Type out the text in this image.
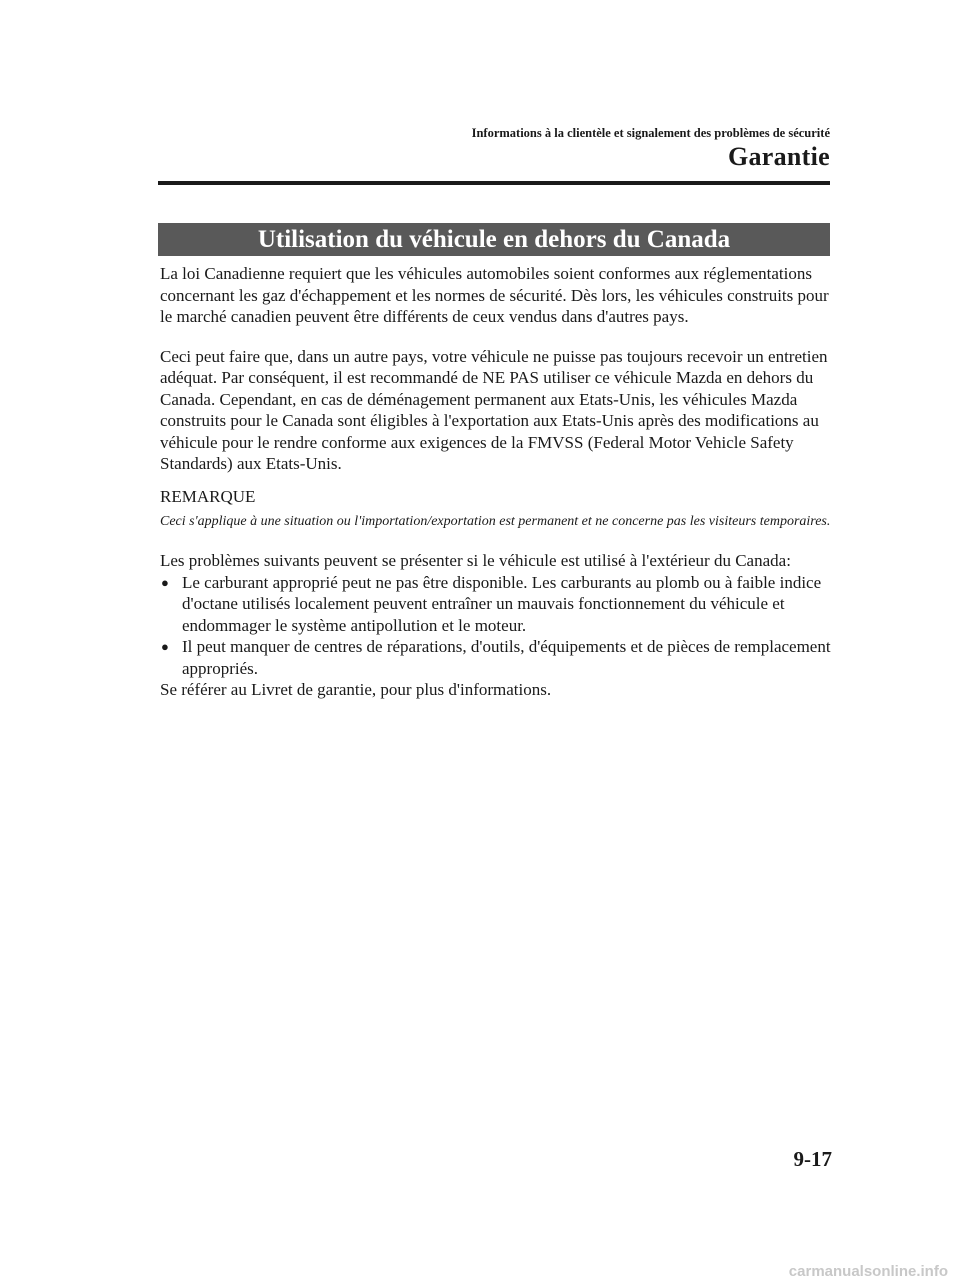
Informations à la clientèle et signalement des problèmes de sécurité
Garantie
Utilisation du véhicule en dehors du Canada

La loi Canadienne requiert que les véhicules automobiles soient conformes aux réglementations concernant les gaz d'échappement et les normes de sécurité. Dès lors, les véhicules construits pour le marché canadien peuvent être différents de ceux vendus dans d'autres pays.

Ceci peut faire que, dans un autre pays, votre véhicule ne puisse pas toujours recevoir un entretien adéquat. Par conséquent, il est recommandé de NE PAS utiliser ce véhicule Mazda en dehors du Canada. Cependant, en cas de déménagement permanent aux Etats-Unis, les véhicules Mazda construits pour le Canada sont éligibles à l'exportation aux Etats-Unis après des modifications au véhicule pour le rendre conforme aux exigences de la FMVSS (Federal Motor Vehicle Safety Standards) aux Etats-Unis.

REMARQUE

Ceci s'applique à une situation ou l'importation/exportation est permanent et ne concerne pas les visiteurs temporaires.

Les problèmes suivants peuvent se présenter si le véhicule est utilisé à l'extérieur du Canada:

● Le carburant approprié peut ne pas être disponible. Les carburants au plomb ou à faible indice d'octane utilisés localement peuvent entraîner un mauvais fonctionnement du véhicule et endommager le système antipollution et le moteur.
● Il peut manquer de centres de réparations, d'outils, d'équipements et de pièces de remplacement appropriés.

Se référer au Livret de garantie, pour plus d'informations.

9-17
carmanualsonline.info
